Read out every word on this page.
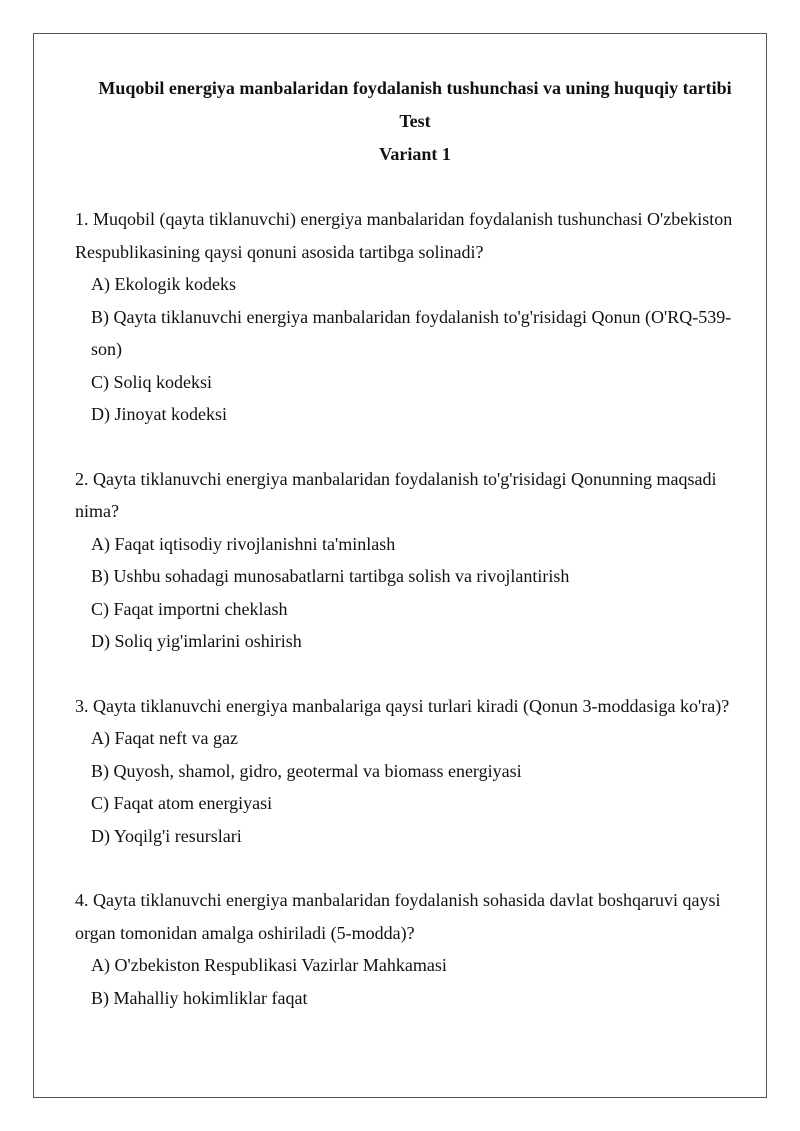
Muqobil energiya manbalaridan foydalanish tushunchasi va uning huquqiy tartibi
Test
Variant 1

1. Muqobil (qayta tiklanuvchi) energiya manbalaridan foydalanish tushunchasi O'zbekiston Respublikasining qaysi qonuni asosida tartibga solinadi?

A) Ekologik kodeks

B) Qayta tiklanuvchi energiya manbalaridan foydalanish to'g'risidagi Qonun (O'RQ-539-son)

C) Soliq kodeksi

D) Jinoyat kodeksi

2. Qayta tiklanuvchi energiya manbalaridan foydalanish to'g'risidagi Qonunning maqsadi nima?

A) Faqat iqtisodiy rivojlanishni ta'minlash

B) Ushbu sohadagi munosabatlarni tartibga solish va rivojlantirish

C) Faqat importni cheklash

D) Soliq yig'imlarini oshirish

3. Qayta tiklanuvchi energiya manbalariga qaysi turlari kiradi (Qonun 3-moddasiga ko'ra)?

A) Faqat neft va gaz

B) Quyosh, shamol, gidro, geotermal va biomass energiyasi

C) Faqat atom energiyasi

D) Yoqilg'i resurslari

4. Qayta tiklanuvchi energiya manbalaridan foydalanish sohasida davlat boshqaruvi qaysi organ tomonidan amalga oshiriladi (5-modda)?

A) O'zbekiston Respublikasi Vazirlar Mahkamasi

B) Mahalliy hokimliklar faqat
